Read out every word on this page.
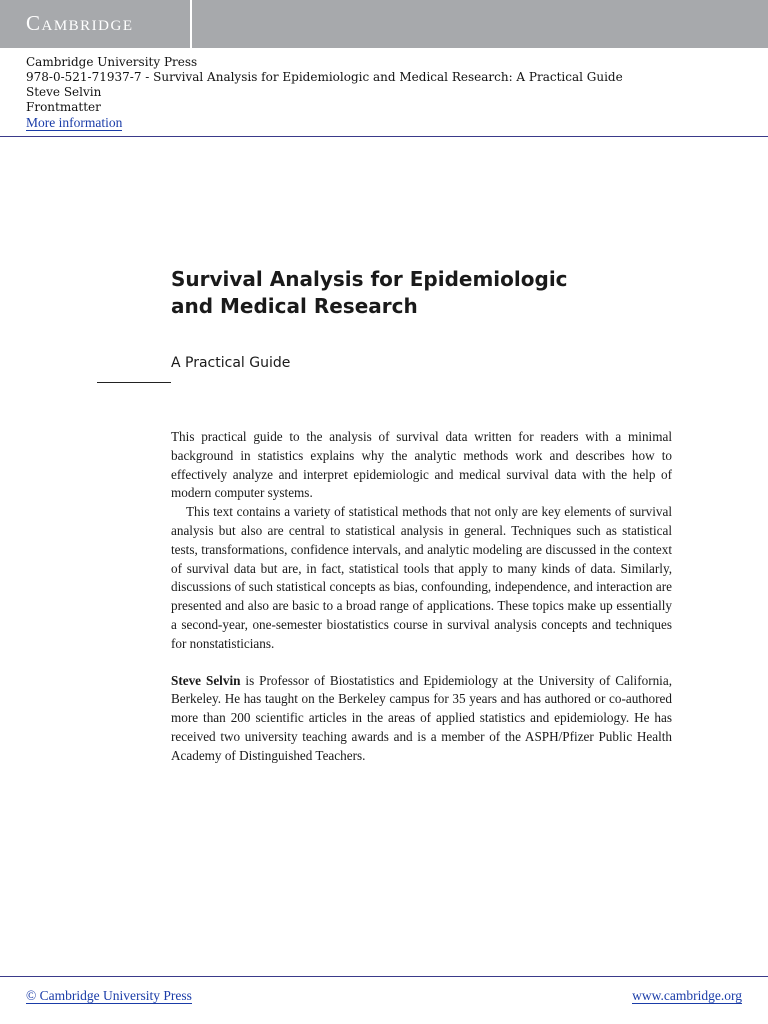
Cambridge
Cambridge University Press
978-0-521-71937-7 - Survival Analysis for Epidemiologic and Medical Research: A Practical Guide
Steve Selvin
Frontmatter
More information
Survival Analysis for Epidemiologic
and Medical Research
A Practical Guide

This practical guide to the analysis of survival data written for readers with a minimal background in statistics explains why the analytic methods work and describes how to effectively analyze and interpret epidemiologic and medical survival data with the help of modern computer systems.

This text contains a variety of statistical methods that not only are key elements of survival analysis but also are central to statistical analysis in general. Techniques such as statistical tests, transformations, confidence intervals, and analytic modeling are discussed in the context of survival data but are, in fact, statistical tools that apply to many kinds of data. Similarly, discussions of such statistical concepts as bias, confounding, independence, and interaction are presented and also are basic to a broad range of applications. These topics make up essentially a second-year, one-semester biostatistics course in survival analysis concepts and techniques for nonstatisticians.

Steve Selvin is Professor of Biostatistics and Epidemiology at the University of California, Berkeley. He has taught on the Berkeley campus for 35 years and has authored or co-authored more than 200 scientific articles in the areas of applied statistics and epidemiology. He has received two university teaching awards and is a member of the ASPH/Pfizer Public Health Academy of Distinguished Teachers.

© Cambridge University Press	www.cambridge.org
